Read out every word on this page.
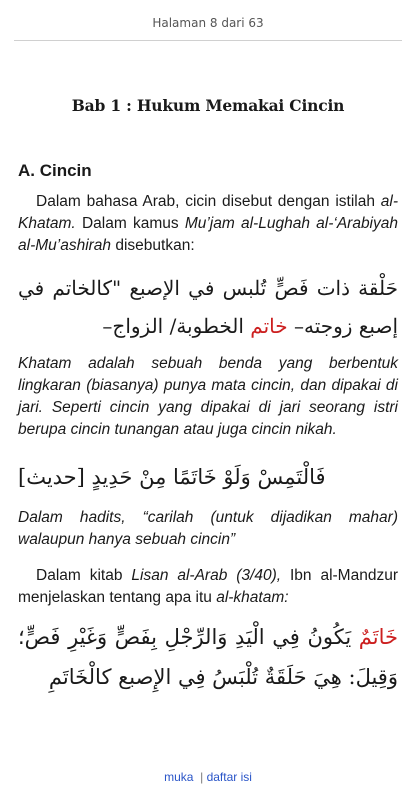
Halaman 8 dari 63
Bab 1 : Hukum Memakai Cincin
A. Cincin

Dalam bahasa Arab, cicin disebut dengan istilah al-Khatam. Dalam kamus Mu’jam al-Lughah al-‘Arabiyah al-Mu’ashirah disebutkan:

حَلْقة ذات فَصٍّ تُلبس في الإصبع "كالخاتم في إصبع زوجته– خاتم الخطوبة/ الزواج–

Khatam adalah sebuah benda yang berbentuk lingkaran (biasanya) punya mata cincin, dan dipakai di jari. Seperti cincin yang dipakai di jari seorang istri berupa cincin tunangan atau juga cincin nikah.

فَالْتَمِسْ وَلَوْ خَاتَمًا مِنْ حَدِيدٍ [حديث]

Dalam hadits, “carilah (untuk dijadikan mahar) walaupun hanya sebuah cincin”

Dalam kitab Lisan al-Arab (3/40), Ibn al-Mandzur menjelaskan tentang apa itu al-khatam:

خَاتَمٌ يَكُونُ فِي الْيَدِ وَالرِّجْلِ بِفَصٍّ وَغَيْرِ فَصٍّ؛ وَقِيلَ: هِيَ حَلَقَةٌ تُلْبَسُ فِي الإِصبع كالْخَاتَمِ

muka | daftar isi
